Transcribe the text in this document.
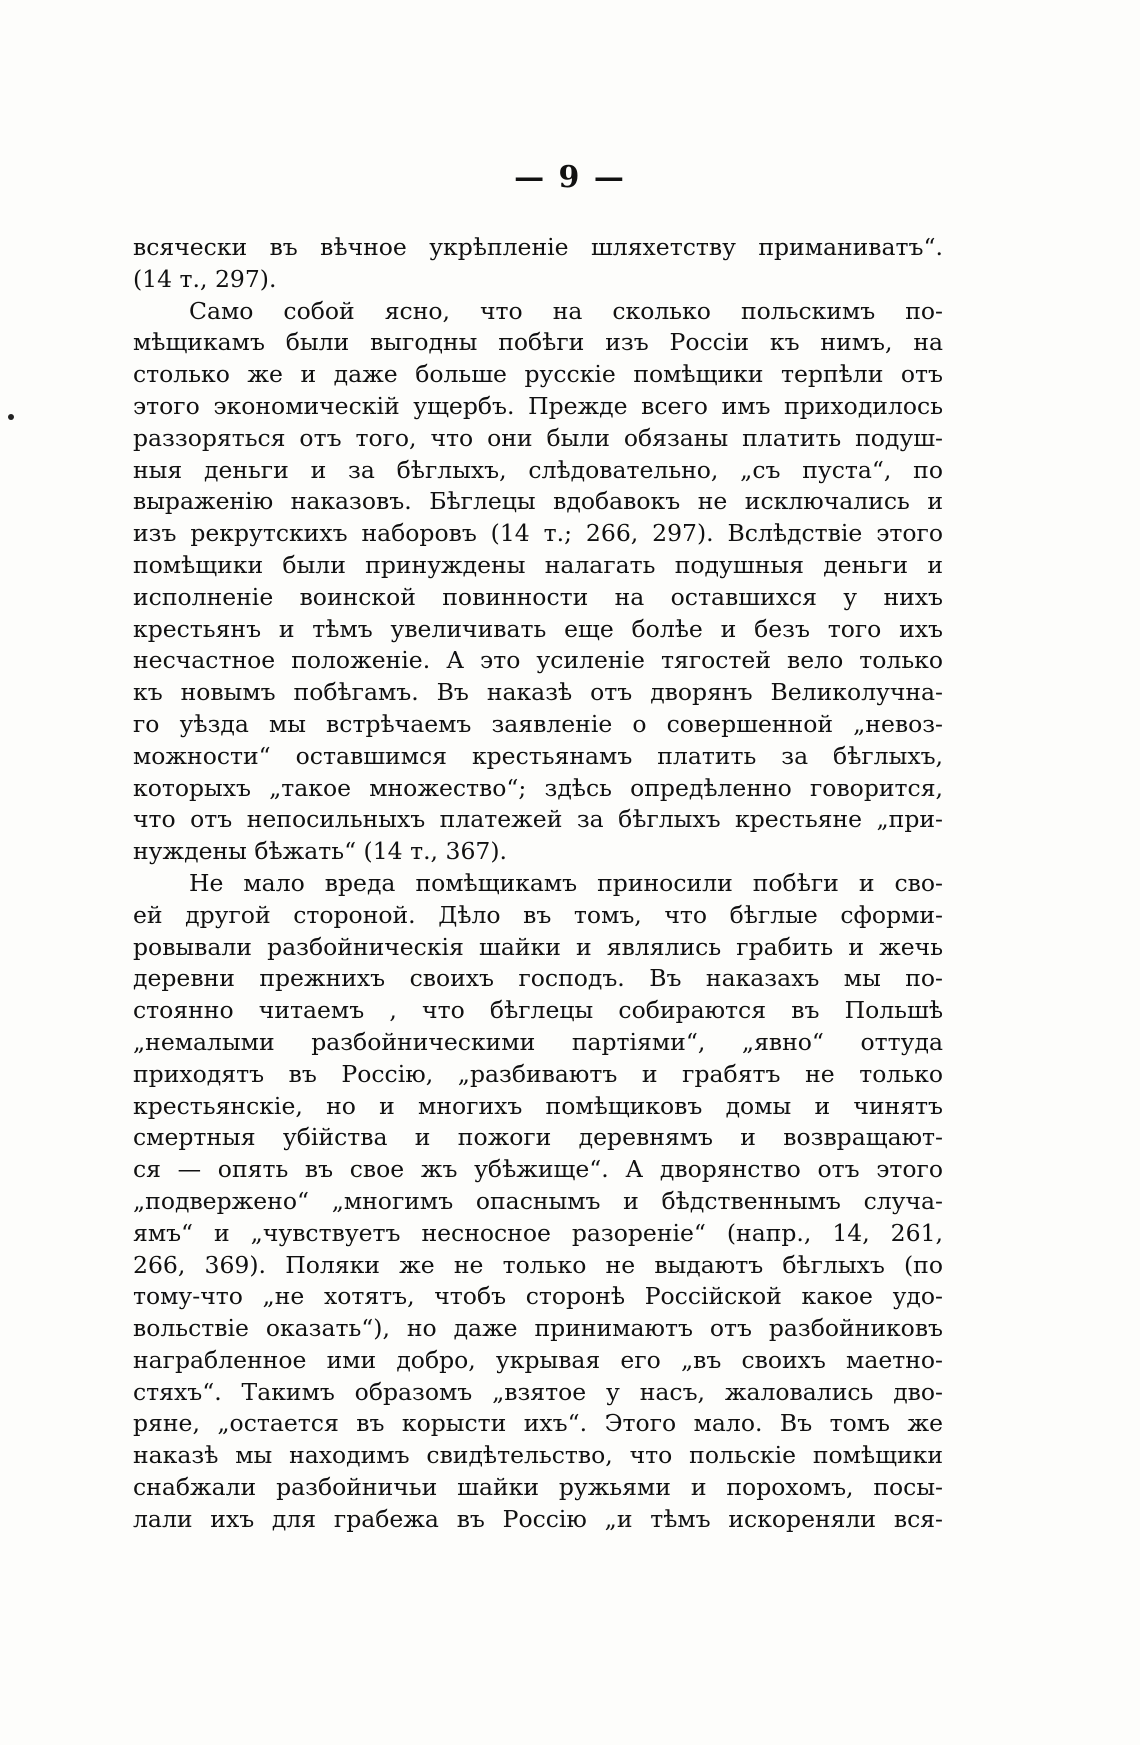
— 9 —

всячески въ вѣчное укрѣпленіе шляхетству приманиватъ“.
(14 т., 297).

Само собой ясно, что на сколько польскимъ по-
мѣщикамъ были выгодны побѣги изъ Россіи къ нимъ, на
столько же и даже больше русскіе помѣщики терпѣли отъ
этого экономическій ущербъ. Прежде всего имъ приходилось
раззоряться отъ того, что они были обязаны платить подуш-
ныя деньги и за бѣглыхъ, слѣдовательно, „съ пуста“, по
выраженію наказовъ. Бѣглецы вдобавокъ не исключались и
изъ рекрутскихъ наборовъ (14 т.; 266, 297). Вслѣдствіе этого
помѣщики были принуждены налагать подушныя деньги и
исполненіе воинской повинности на оставшихся у нихъ
крестьянъ и тѣмъ увеличивать еще болѣе и безъ того ихъ
несчастное положеніе. А это усиленіе тягостей вело только
къ новымъ побѣгамъ. Въ наказѣ отъ дворянъ Великолучна-
го уѣзда мы встрѣчаемъ заявленіе о совершенной „невоз-
можности“ оставшимся крестьянамъ платить за бѣглыхъ,
которыхъ „такое множество“; здѣсь опредѣленно говорится,
что отъ непосильныхъ платежей за бѣглыхъ крестьяне „при-
нуждены бѣжать“ (14 т., 367).

Не мало вреда помѣщикамъ приносили побѣги и сво-
ей другой стороной. Дѣло въ томъ, что бѣглые сформи-
ровывали разбойническія шайки и являлись грабить и жечь
деревни прежнихъ своихъ господъ. Въ наказахъ мы по-
стоянно читаемъ , что бѣглецы собираются въ Польшѣ
„немалыми разбойническими партіями“, „явно“ оттуда
приходятъ въ Россію, „разбиваютъ и грабятъ не только
крестьянскіе, но и многихъ помѣщиковъ домы и чинятъ
смертныя убійства и пожоги деревнямъ и возвращают-
ся — опять въ свое жъ убѣжище“. А дворянство отъ этого
„подвержено“ „многимъ опаснымъ и бѣдственнымъ случа-
ямъ“ и „чувствуетъ несносное разореніе“ (напр., 14, 261,
266, 369). Поляки же не только не выдаютъ бѣглыхъ (по
тому-что „не хотятъ, чтобъ сторонѣ Россійской какое удо-
вольствіе оказать“), но даже принимаютъ отъ разбойниковъ
награбленное ими добро, укрывая его „въ своихъ маетно-
стяхъ“. Такимъ образомъ „взятое у насъ, жаловались дво-
ряне, „остается въ корысти ихъ“. Этого мало. Въ томъ же
наказѣ мы находимъ свидѣтельство, что польскіе помѣщики
снабжали разбойничьи шайки ружьями и порохомъ, посы-
лали ихъ для грабежа въ Россію „и тѣмъ искореняли вся-
